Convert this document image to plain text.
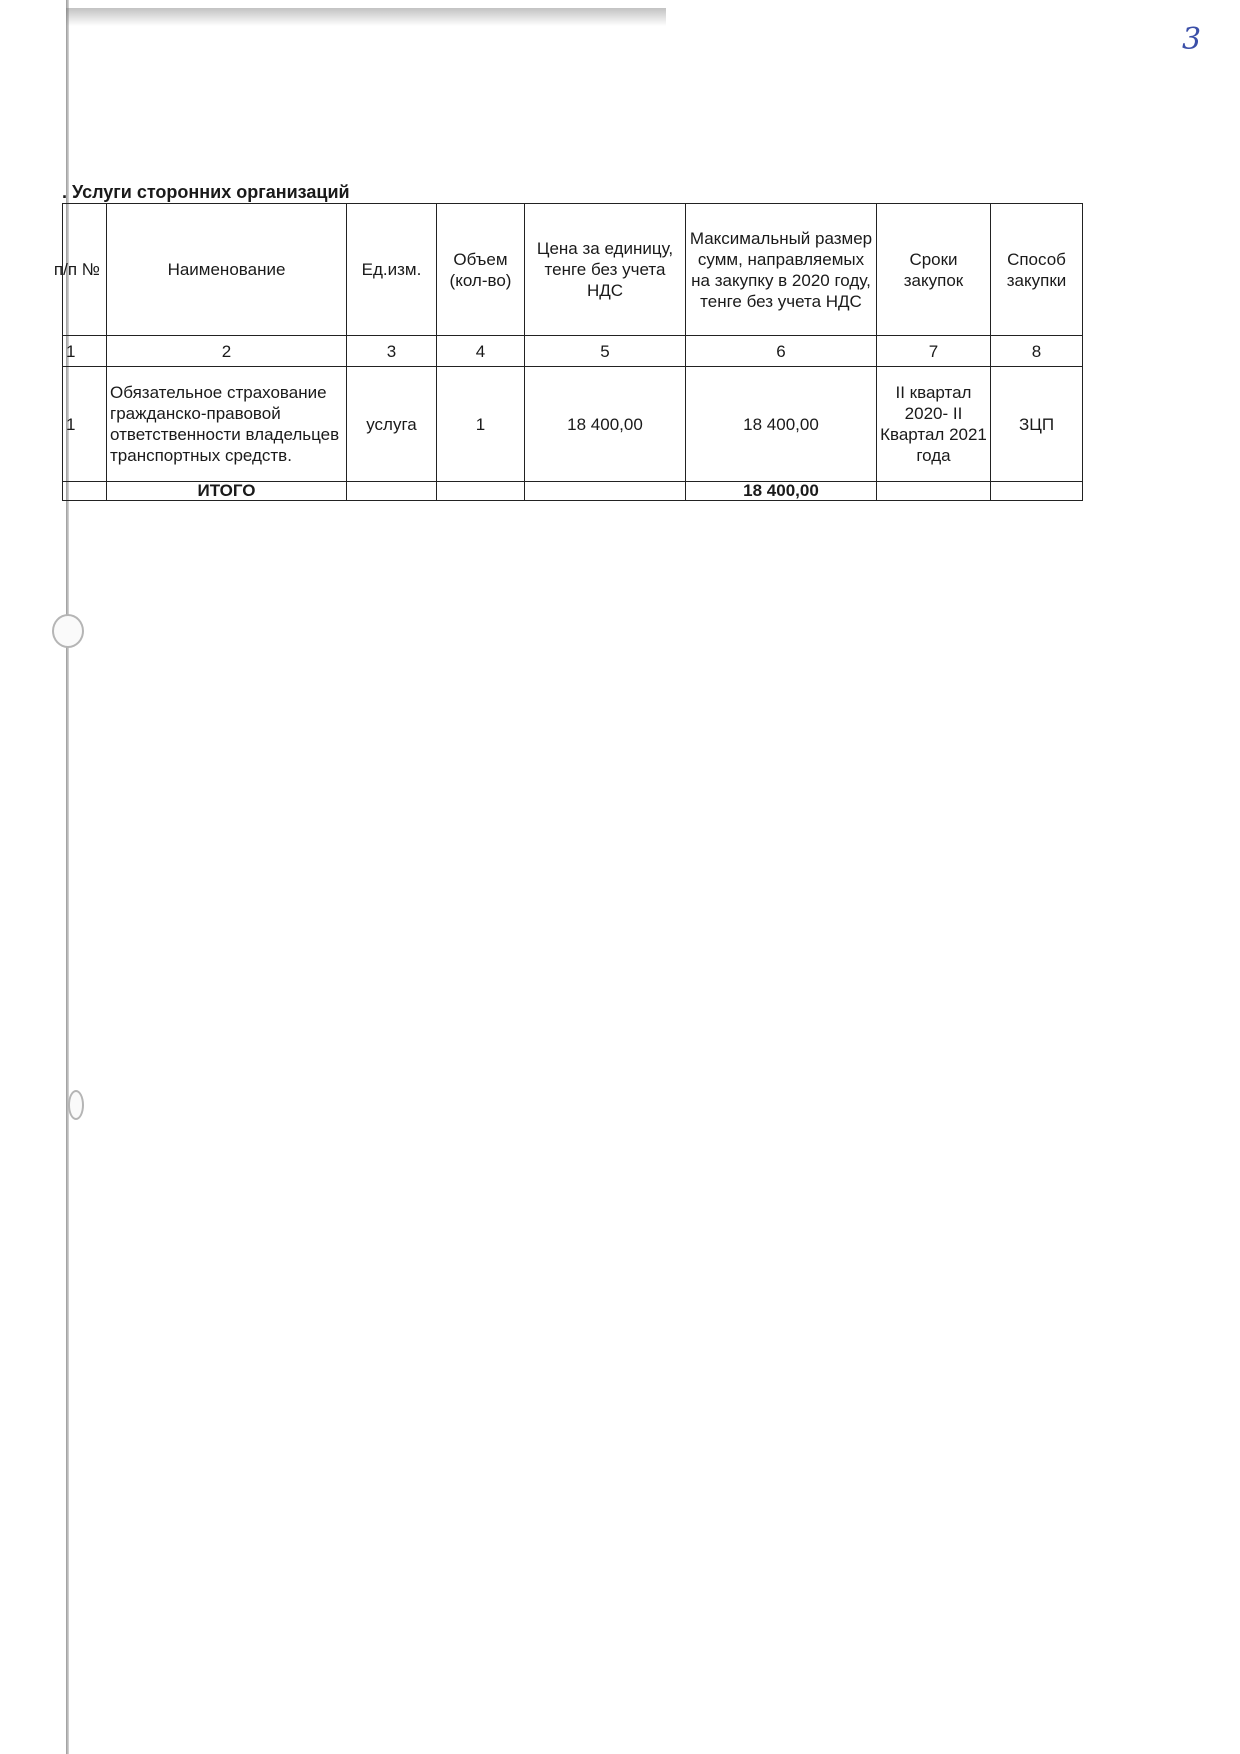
3
. Услуги сторонних организаций
№ п/п	Наименование	Ед.изм.	Объем (кол-во)	Цена за единицу, тенге без учета НДС	Максимальный размер сумм, направляемых на закупку в 2020 году, тенге без учета НДС	Сроки закупок	Способ закупки
1	2	3	4	5	6	7	8
1	Обязательное страхование гражданско-правовой ответственности владельцев транспортных средств.	услуга	1	18 400,00	18 400,00	II квартал 2020- II Квартал 2021 года	ЗЦП
	ИТОГО				18 400,00		
